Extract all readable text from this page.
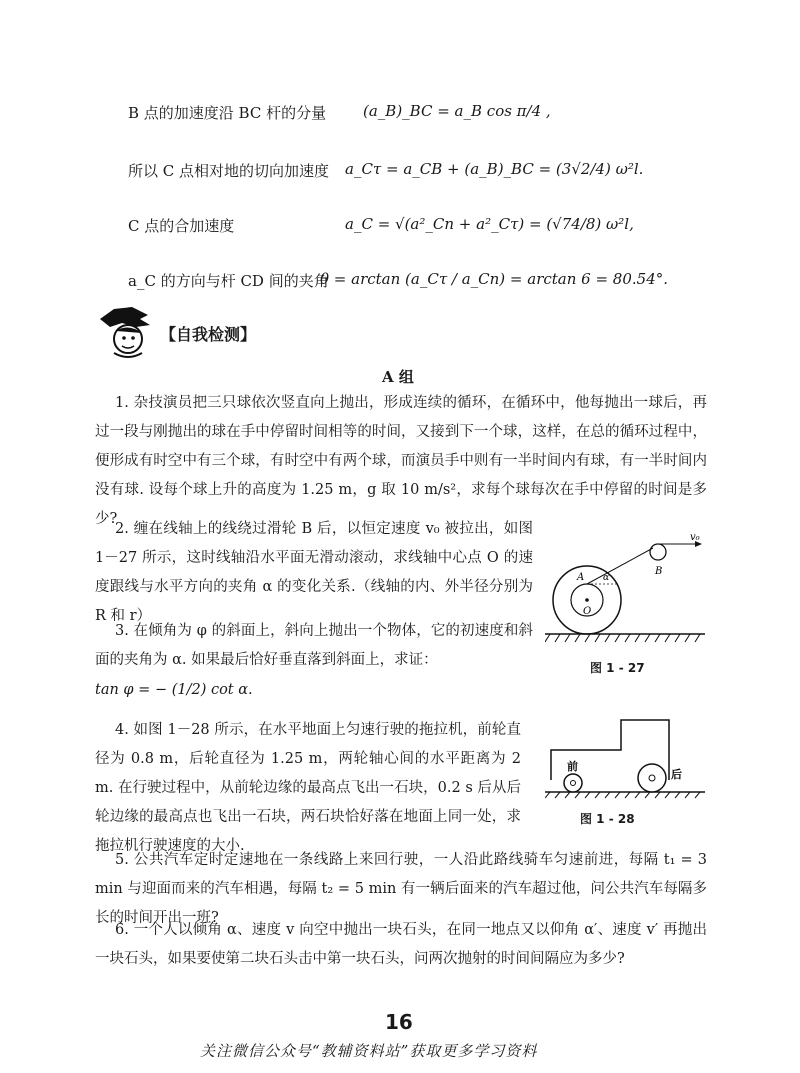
B 点的加速度沿 BC 杆的分量 (a_B)_BC = a_B cos π/4 ,
所以 C 点相对地的切向加速度 a_Cτ = a_CB + (a_B)_BC = (3√2/4) ω²l.
C 点的合加速度	a_C = √(a²_Cn + a²_Cτ) = (√74/8) ω²l,
a_C 的方向与杆 CD 间的夹角
θ = arctan (a_Cτ / a_Cn) = arctan 6 = 80.54°.
【自我检测】
A 组
1. 杂技演员把三只球依次竖直向上抛出，形成连续的循环，在循环中，他每抛出一球后，再过一段与刚抛出的球在手中停留时间相等的时间，又接到下一个球，这样，在总的循环过程中，便形成有时空中有三个球，有时空中有两个球，而演员手中则有一半时间内有球，有一半时间内没有球. 设每个球上升的高度为 1.25 m，g 取 10 m/s²，求每个球每次在手中停留的时间是多少?
2. 缠在线轴上的线绕过滑轮 B 后，以恒定速度 v₀ 被拉出，如图 1－27 所示，这时线轴沿水平面无滑动滚动，求线轴中心点 O 的速度跟线与水平方向的夹角 α 的变化关系.（线轴的内、外半径分别为 R 和 r）
v₀
A α
B
O
图 1 - 27
3. 在倾角为 φ 的斜面上，斜向上抛出一个物体，它的初速度和斜面的夹角为 α. 如果最后恰好垂直落到斜面上，求证：
tan φ = − (1/2) cot α.
4. 如图 1－28 所示，在水平地面上匀速行驶的拖拉机，前轮直径为 0.8 m，后轮直径为 1.25 m，两轮轴心间的水平距离为 2 m. 在行驶过程中，从前轮边缘的最高点飞出一石块，0.2 s 后从后轮边缘的最高点也飞出一石块，两石块恰好落在地面上同一处，求拖拉机行驶速度的大小.
前
后
图 1 - 28
5. 公共汽车定时定速地在一条线路上来回行驶，一人沿此路线骑车匀速前进，每隔 t₁ = 3 min 与迎面而来的汽车相遇，每隔 t₂ = 5 min 有一辆后面来的汽车超过他，问公共汽车每隔多长的时间开出一班?
6. 一个人以倾角 α、速度 v 向空中抛出一块石头，在同一地点又以仰角 α′、速度 v′ 再抛出一块石头，如果要使第二块石头击中第一块石头，问两次抛射的时间间隔应为多少?
16
关注微信公众号“教辅资料站”获取更多学习资料
